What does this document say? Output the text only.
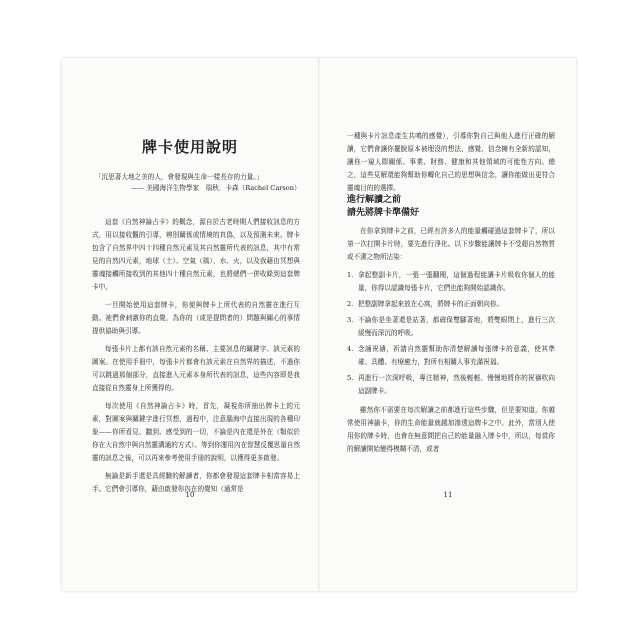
牌卡使用說明
「沉思著大地之美的人，會發現與生命一樣長存的力量。」
—— 美國海洋生物學家　瑞秋．卡森（Rachel Carson）

這套《自然神論占卡》的概念，源自於古老時期人們接收訊息的方式，用以接收觀的引導，辨別關係或情境的真偽，以及預測未來。牌卡包含了自然界中四十四種自然元素及其自然靈所代表的訊息，其中有常見的自然四元素，地球（土）、空氣（風）、水、火，以及我藉由冥想與靈魂接觸所接收到的其他四十種自然元素，也將總們一併收錄到這套牌卡中。

一旦開始使用這套牌卡，你便與牌卡上所代表的自然靈在進行互動。祂們會刺激你的直覺，為你的（或是提問者的）問題與關心的事情提供協助與引導。

每張卡片上都有該自然元素的名稱、主要訊息的關鍵字、該元素的圖案。在使用手冊中，每張卡片都會有該元素在自然界的描述，不過你可以跳過那個部分，直接進入元素本身所代表的訊息，這些內容即是我直接從自然靈身上所獲得的。

每次使用《自然神論占卡》時，首先，凝視你所抽出牌卡上的元素，對圖案與關鍵字進行冥想，過程中，注意腦海中直接出現的各種印象——你所看見、聽到、感受到的一切，不論是內在還是外在（類似於你在大自然中與自然靈溝通的方式）。等到你運用內在智慧反覆思量自然靈的訊息之後，可以再來參考使用手冊的說明，以獲得更多啟發。

無論是新手還是具經驗的解讀者，你都會發現這套牌卡相當容易上手。它們會引導你，藉由啟發你內在的覺知（通常是

10

一種與卡片訊息產生共鳴的感覺），引導你對自己與他人進行正確的解讀，它們會讓你擺脫原本被埋沒的想法、感覺、信念擁有全新的認知，讓你一窺人際關係、事業、財務、健康和其他領域的可能性方向。總之，這些見解還能夠幫助你轉化自己的思想與信念，讓你能做出更符合靈魂目的的選擇。

進行解讀之前
請先將牌卡準備好

在你拿到牌卡之前，已經有許多人的能量觸碰過這套牌卡了，所以第一次打開卡片時，要先進行淨化。以下步驟能讓牌卡不受超自然物質或不潔之物所沾染：

1. 拿起整副卡片，一張一張翻閱，這個過程能讓卡片吸收你個人的能量，你得以認識每張卡片，它們也能夠開始認識你。
2. 把整副牌拿起來放在心窩，將牌卡的正面朝向你。
3. 不論你是坐著還是站著，都確保雙腳著地，將雙眼閉上，進行三次緩慢而深沉的呼吸。
4. 念誦祝禱，祈請自然靈幫助你清楚解讀每張牌卡的意義，使其準確、具體、有療癒力，對所有相關人事充滿祝福。
5. 再進行一次深呼吸，專注精神，然後輕輕、慢慢地將你的祝禱吹向這副牌卡。

雖然你不需要在每次解讀之前都進行這些步驟，但是要知道，你越常使用神諭卡，你的生命能量就越加滲透這牌卡之中。此外，當別人使用你的牌卡時，也會在無意間把自己的能量融入牌卡中，所以，每當你的解讀開始變得模糊不清，或者

11
